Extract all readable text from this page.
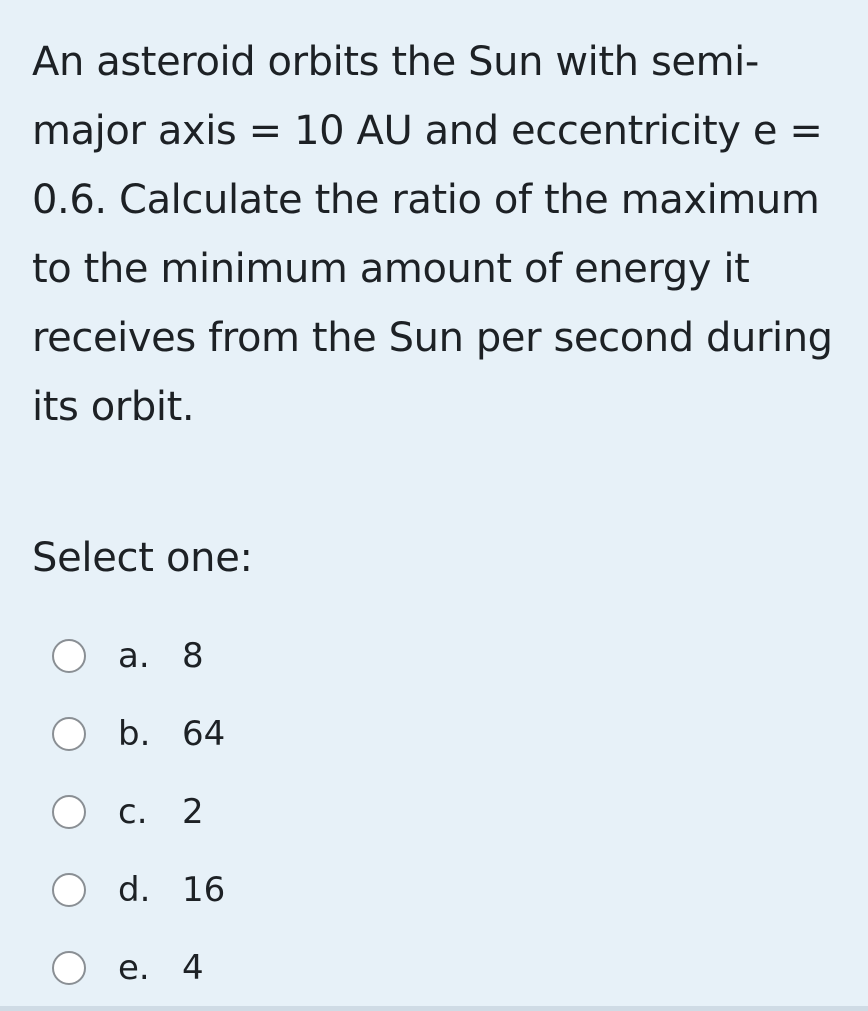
An asteroid orbits the Sun with semi-major axis = 10 AU and eccentricity e = 0.6. Calculate the ratio of the maximum to the minimum amount of energy it receives from the Sun per second during its orbit.

Select one:
a. 8
b. 64
c.	2
d. 16
e. 4
